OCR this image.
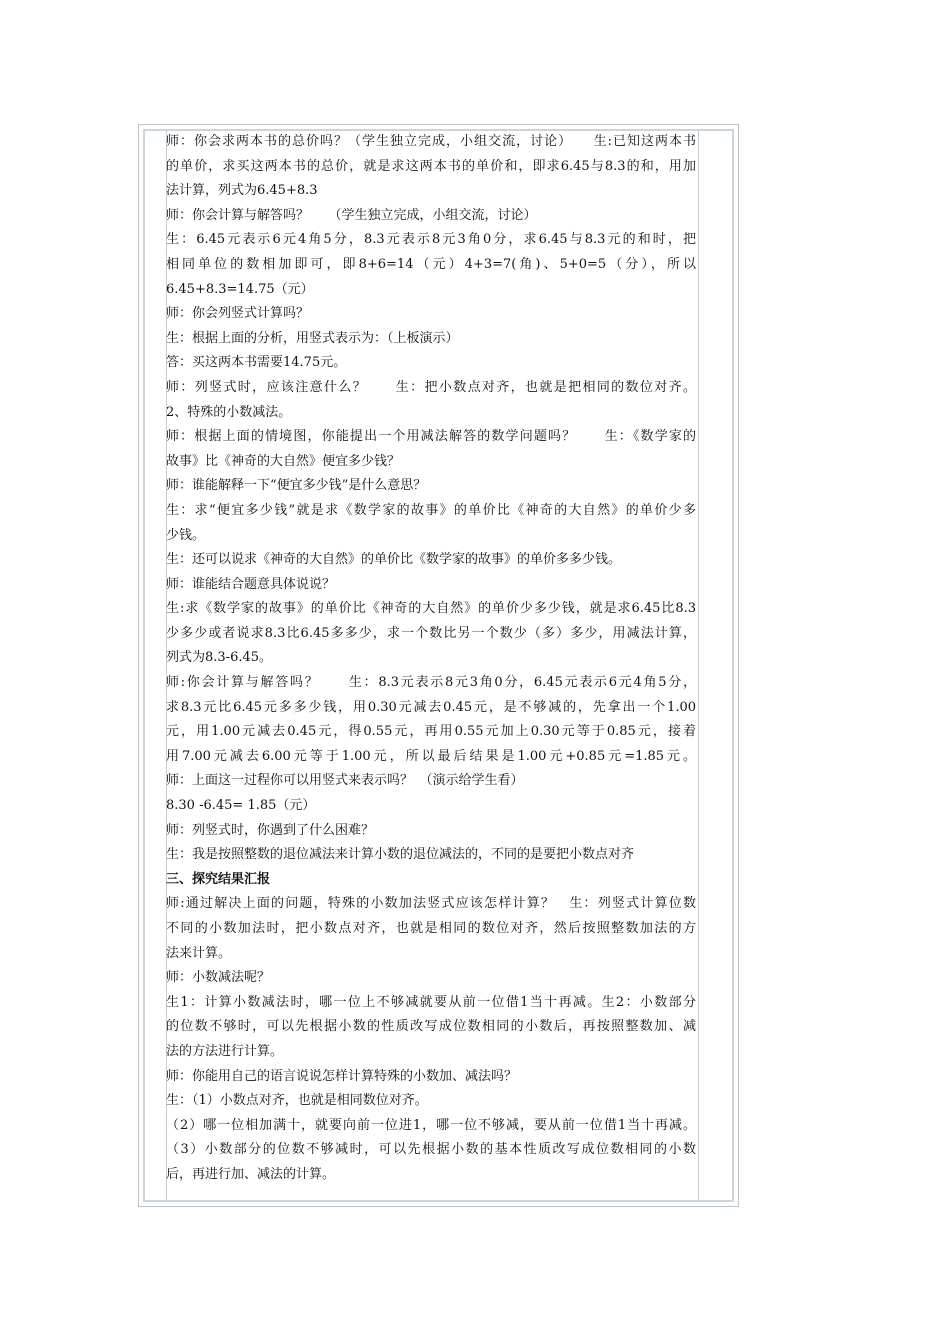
师：你会求两本书的总价吗？（学生独立完成，小组交流，讨论）　　生:已知这两本书
的单价，求买这两本书的总价，就是求这两本书的单价和，即求6.45与8.3的和，用加
法计算，列式为6.45+8.3
师：你会计算与解答吗？　　（学生独立完成，小组交流，讨论）
生：6.45元表示6元4角5分，8.3元表示8元3角0分，求6.45与8.3元的和时，把
相同单位的数相加即可，即8+6=14（元）4+3=7(角)、5+0=5（分），所以
6.45+8.3=14.75（元）
师：你会列竖式计算吗？
生：根据上面的分析，用竖式表示为：（上板演示）
答：买这两本书需要14.75元。
师：列竖式时，应该注意什么？　　生：把小数点对齐，也就是把相同的数位对齐。
2、特殊的小数减法。
师：根据上面的情境图，你能提出一个用减法解答的数学问题吗？　　生：《数学家的
故事》比《神奇的大自然》便宜多少钱？
师：谁能解释一下“便宜多少钱”是什么意思？
生：求“便宜多少钱”就是求《数学家的故事》的单价比《神奇的大自然》的单价少多
少钱。
生：还可以说求《神奇的大自然》的单价比《数学家的故事》的单价多多少钱。
师：谁能结合题意具体说说？
生:求《数学家的故事》的单价比《神奇的大自然》的单价少多少钱，就是求6.45比8.3
少多少或者说求8.3比6.45多多少，求一个数比另一个数少（多）多少，用减法计算，
列式为8.3-6.45。
师:你会计算与解答吗？　　生：8.3元表示8元3角0分，6.45元表示6元4角5分，
求8.3元比6.45元多多少钱，用0.30元减去0.45元，是不够减的，先拿出一个1.00
元，用1.00元减去0.45元，得0.55元，再用0.55元加上0.30元等于0.85元，接着
用7.00元减去6.00元等于1.00元，所以最后结果是1.00元+0.85元=1.85元。
师：上面这一过程你可以用竖式来表示吗？　（演示给学生看）
8.30 -6.45= 1.85（元）
师：列竖式时，你遇到了什么困难？
生：我是按照整数的退位减法来计算小数的退位减法的，不同的是要把小数点对齐
三、探究结果汇报
师:通过解决上面的问题，特殊的小数加法竖式应该怎样计算？　生：列竖式计算位数
不同的小数加法时，把小数点对齐，也就是相同的数位对齐，然后按照整数加法的方
法来计算。
师：小数减法呢？
生1：计算小数减法时，哪一位上不够减就要从前一位借1当十再减。生2：小数部分
的位数不够时，可以先根据小数的性质改写成位数相同的小数后，再按照整数加、减
法的方法进行计算。
师：你能用自己的语言说说怎样计算特殊的小数加、减法吗？
生：（1）小数点对齐，也就是相同数位对齐。
（2）哪一位相加满十，就要向前一位进1，哪一位不够减，要从前一位借1当十再减。
（3）小数部分的位数不够减时，可以先根据小数的基本性质改写成位数相同的小数
后，再进行加、减法的计算。
